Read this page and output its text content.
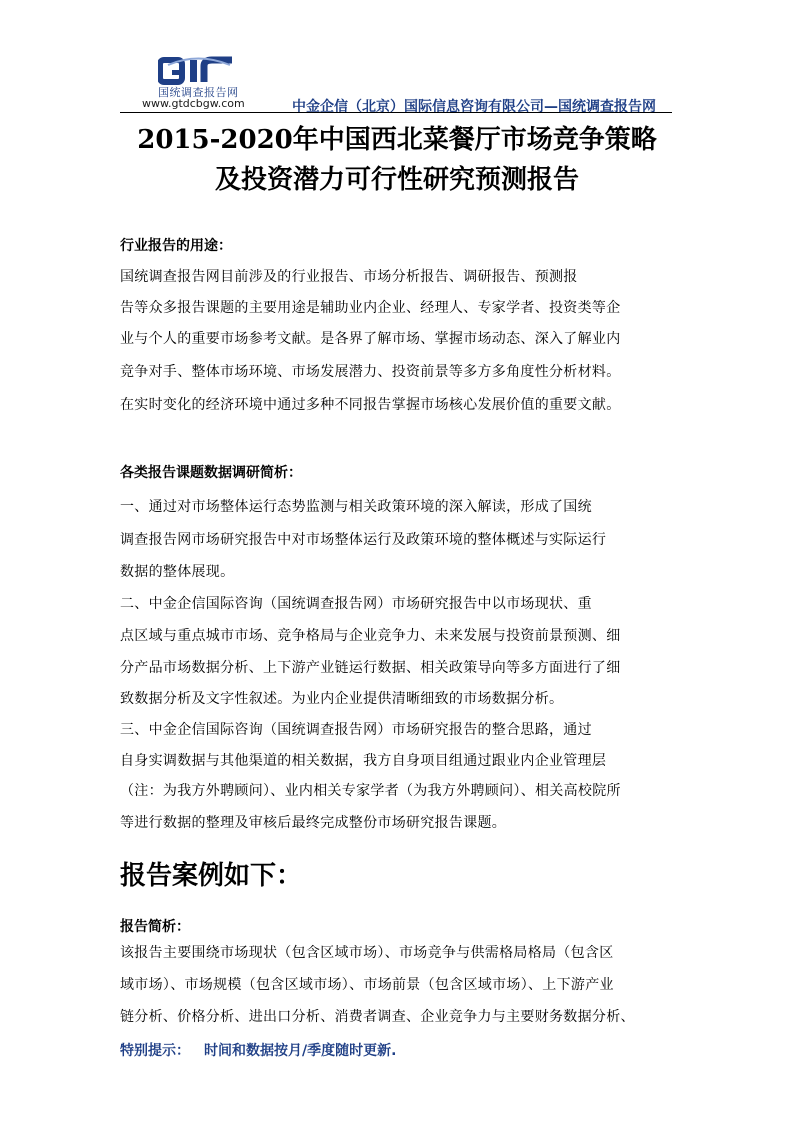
国统调查报告网
www.gtdcbgw.com	中金企信（北京）国际信息咨询有限公司—国统调查报告网
2015-2020年中国西北菜餐厅市场竞争策略
及投资潜力可行性研究预测报告
行业报告的用途：
国统调查报告网目前涉及的行业报告、市场分析报告、调研报告、预测报
告等众多报告课题的主要用途是辅助业内企业、经理人、专家学者、投资类等企
业与个人的重要市场参考文献。是各界了解市场、掌握市场动态、深入了解业内
竞争对手、整体市场环境、市场发展潜力、投资前景等多方多角度性分析材料。
在实时变化的经济环境中通过多种不同报告掌握市场核心发展价值的重要文献。
各类报告课题数据调研简析：
一、通过对市场整体运行态势监测与相关政策环境的深入解读，形成了国统
调查报告网市场研究报告中对市场整体运行及政策环境的整体概述与实际运行
数据的整体展现。
二、中金企信国际咨询（国统调查报告网）市场研究报告中以市场现状、重
点区域与重点城市市场、竞争格局与企业竞争力、未来发展与投资前景预测、细
分产品市场数据分析、上下游产业链运行数据、相关政策导向等多方面进行了细
致数据分析及文字性叙述。为业内企业提供清晰细致的市场数据分析。
三、中金企信国际咨询（国统调查报告网）市场研究报告的整合思路，通过
自身实调数据与其他渠道的相关数据，我方自身项目组通过跟业内企业管理层
（注：为我方外聘顾问）、业内相关专家学者（为我方外聘顾问）、相关高校院所
等进行数据的整理及审核后最终完成整份市场研究报告课题。
报告案例如下：
报告简析：
该报告主要围绕市场现状（包含区域市场）、市场竞争与供需格局格局（包含区
域市场）、市场规模（包含区域市场）、市场前景（包含区域市场）、上下游产业
链分析、价格分析、进出口分析、消费者调查、企业竞争力与主要财务数据分析、
特别提示： 时间和数据按月/季度随时更新.
